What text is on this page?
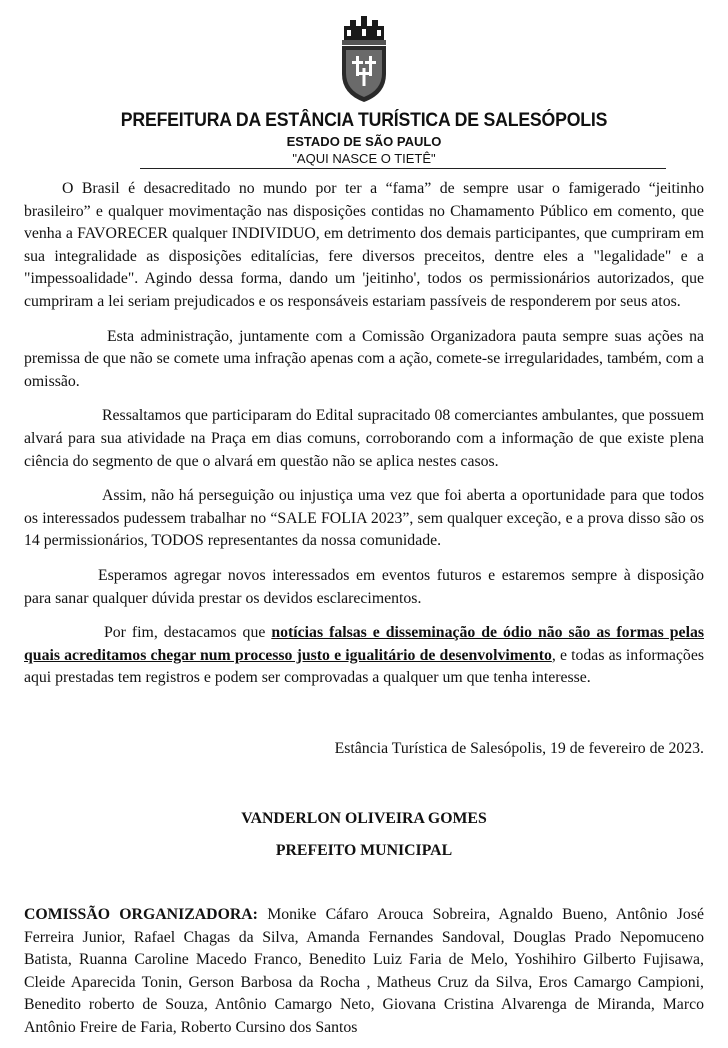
PREFEITURA DA ESTÂNCIA TURÍSTICA DE SALESÓPOLIS
ESTADO DE SÃO PAULO
"AQUI NASCE O TIETÊ"

O Brasil é desacreditado no mundo por ter a “fama” de sempre usar o famigerado “jeitinho brasileiro” e qualquer movimentação nas disposições contidas no Chamamento Público em comento, que venha a FAVORECER qualquer INDIVIDUO, em detrimento dos demais participantes, que cumpriram em sua integralidade as disposições editalícias, fere diversos preceitos, dentre eles a "legalidade" e a "impessoalidade". Agindo dessa forma, dando um 'jeitinho', todos os permissionários autorizados, que cumpriram a lei seriam prejudicados e os responsáveis estariam passíveis de responderem por seus atos.

Esta administração, juntamente com a Comissão Organizadora pauta sempre suas ações na premissa de que não se comete uma infração apenas com a ação, comete-se irregularidades, também, com a omissão.

Ressaltamos que participaram do Edital supracitado 08 comerciantes ambulantes, que possuem alvará para sua atividade na Praça em dias comuns, corroborando com a informação de que existe plena ciência do segmento de que o alvará em questão não se aplica nestes casos.

Assim, não há perseguição ou injustiça uma vez que foi aberta a oportunidade para que todos os interessados pudessem trabalhar no “SALE FOLIA 2023”, sem qualquer exceção, e a prova disso são os 14 permissionários, TODOS representantes da nossa comunidade.

Esperamos agregar novos interessados em eventos futuros e estaremos sempre à disposição para sanar qualquer dúvida prestar os devidos esclarecimentos.

Por fim, destacamos que notícias falsas e disseminação de ódio não são as formas pelas quais acreditamos chegar num processo justo e igualitário de desenvolvimento, e todas as informações aqui prestadas tem registros e podem ser comprovadas a qualquer um que tenha interesse.

Estância Turística de Salesópolis, 19 de fevereiro de 2023.
VANDERLON OLIVEIRA GOMES
PREFEITO MUNICIPAL
COMISSÃO ORGANIZADORA: Monike Cáfaro Arouca Sobreira, Agnaldo Bueno, Antônio José Ferreira Junior, Rafael Chagas da Silva, Amanda Fernandes Sandoval, Douglas Prado Nepomuceno Batista, Ruanna Caroline Macedo Franco, Benedito Luiz Faria de Melo, Yoshihiro Gilberto Fujisawa, Cleide Aparecida Tonin, Gerson Barbosa da Rocha , Matheus Cruz da Silva, Eros Camargo Campioni, Benedito roberto de Souza, Antônio Camargo Neto, Giovana Cristina Alvarenga de Miranda, Marco Antônio Freire de Faria, Roberto Cursino dos Santos
